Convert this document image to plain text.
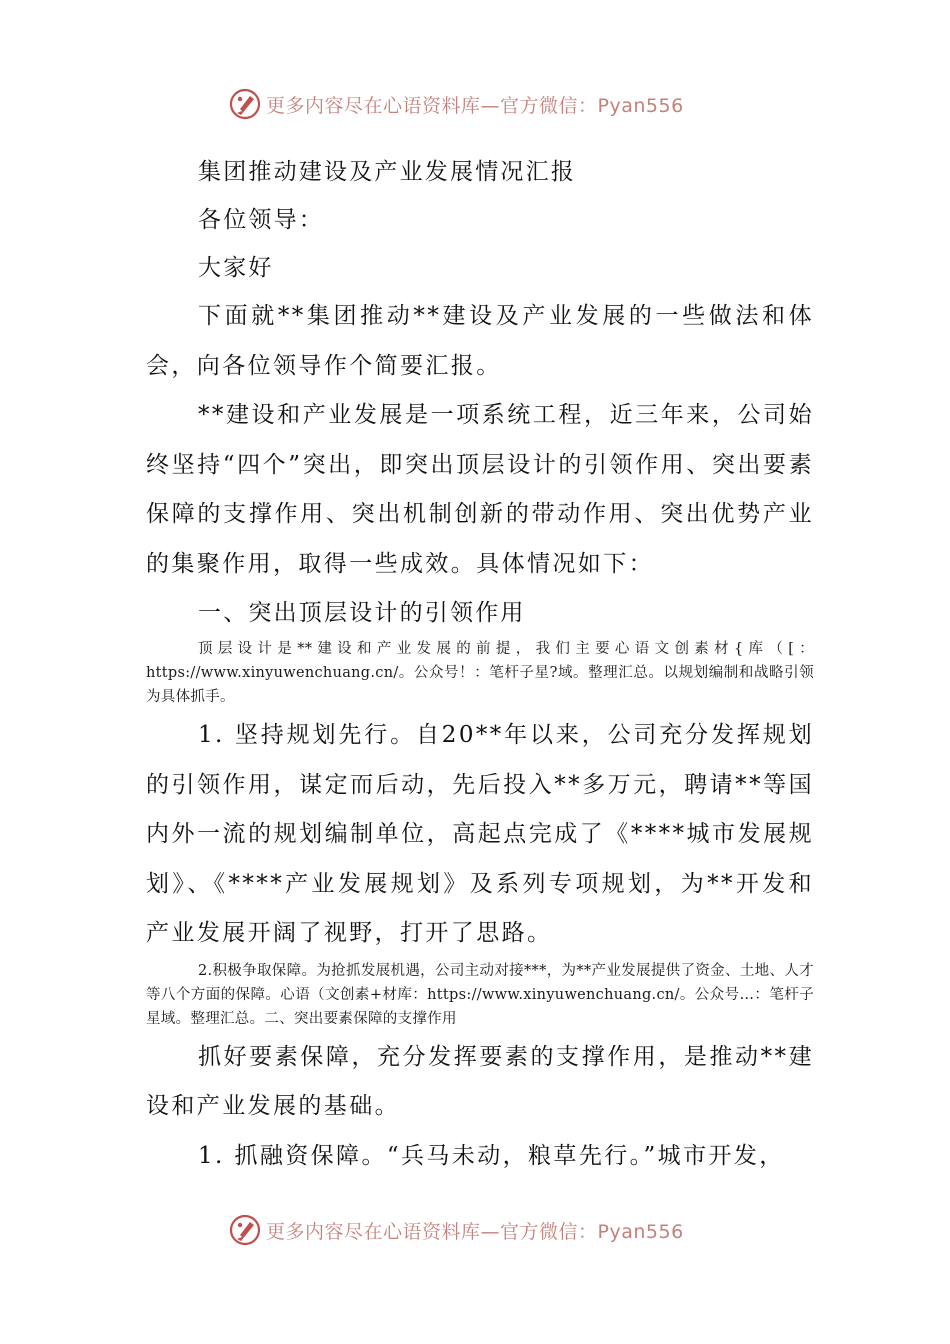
更多内容尽在心语资料库—官方微信：Pyan556
集团推动建设及产业发展情况汇报
各位领导：
大家好
下面就**集团推动**建设及产业发展的一些做法和体会，向各位领导作个简要汇报。
**建设和产业发展是一项系统工程，近三年来，公司始终坚持“四个”突出，即突出顶层设计的引领作用、突出要素保障的支撑作用、突出机制创新的带动作用、突出优势产业的集聚作用，取得一些成效。具体情况如下：
一、突出顶层设计的引领作用
顶层设计是**建设和产业发展的前提，我们主要心语文创素材{库（[：https://www.xinyuwenchuang.cn/。公众号！：笔杆子星?域。整理汇总。以规划编制和战略引领为具体抓手。
1. 坚持规划先行。自20**年以来，公司充分发挥规划的引领作用，谋定而后动，先后投入**多万元，聘请**等国内外一流的规划编制单位，高起点完成了《****城市发展规划》、《****产业发展规划》及系列专项规划，为**开发和产业发展开阔了视野，打开了思路。
2.积极争取保障。为抢抓发展机遇，公司主动对接***，为**产业发展提供了资金、土地、人才等八个方面的保障。心语（文创素+材库：https://www.xinyuwenchuang.cn/。公众号…：笔杆子星域。整理汇总。二、突出要素保障的支撑作用
抓好要素保障，充分发挥要素的支撑作用，是推动**建设和产业发展的基础。
1. 抓融资保障。“兵马未动，粮草先行。”城市开发，
更多内容尽在心语资料库—官方微信：Pyan556
